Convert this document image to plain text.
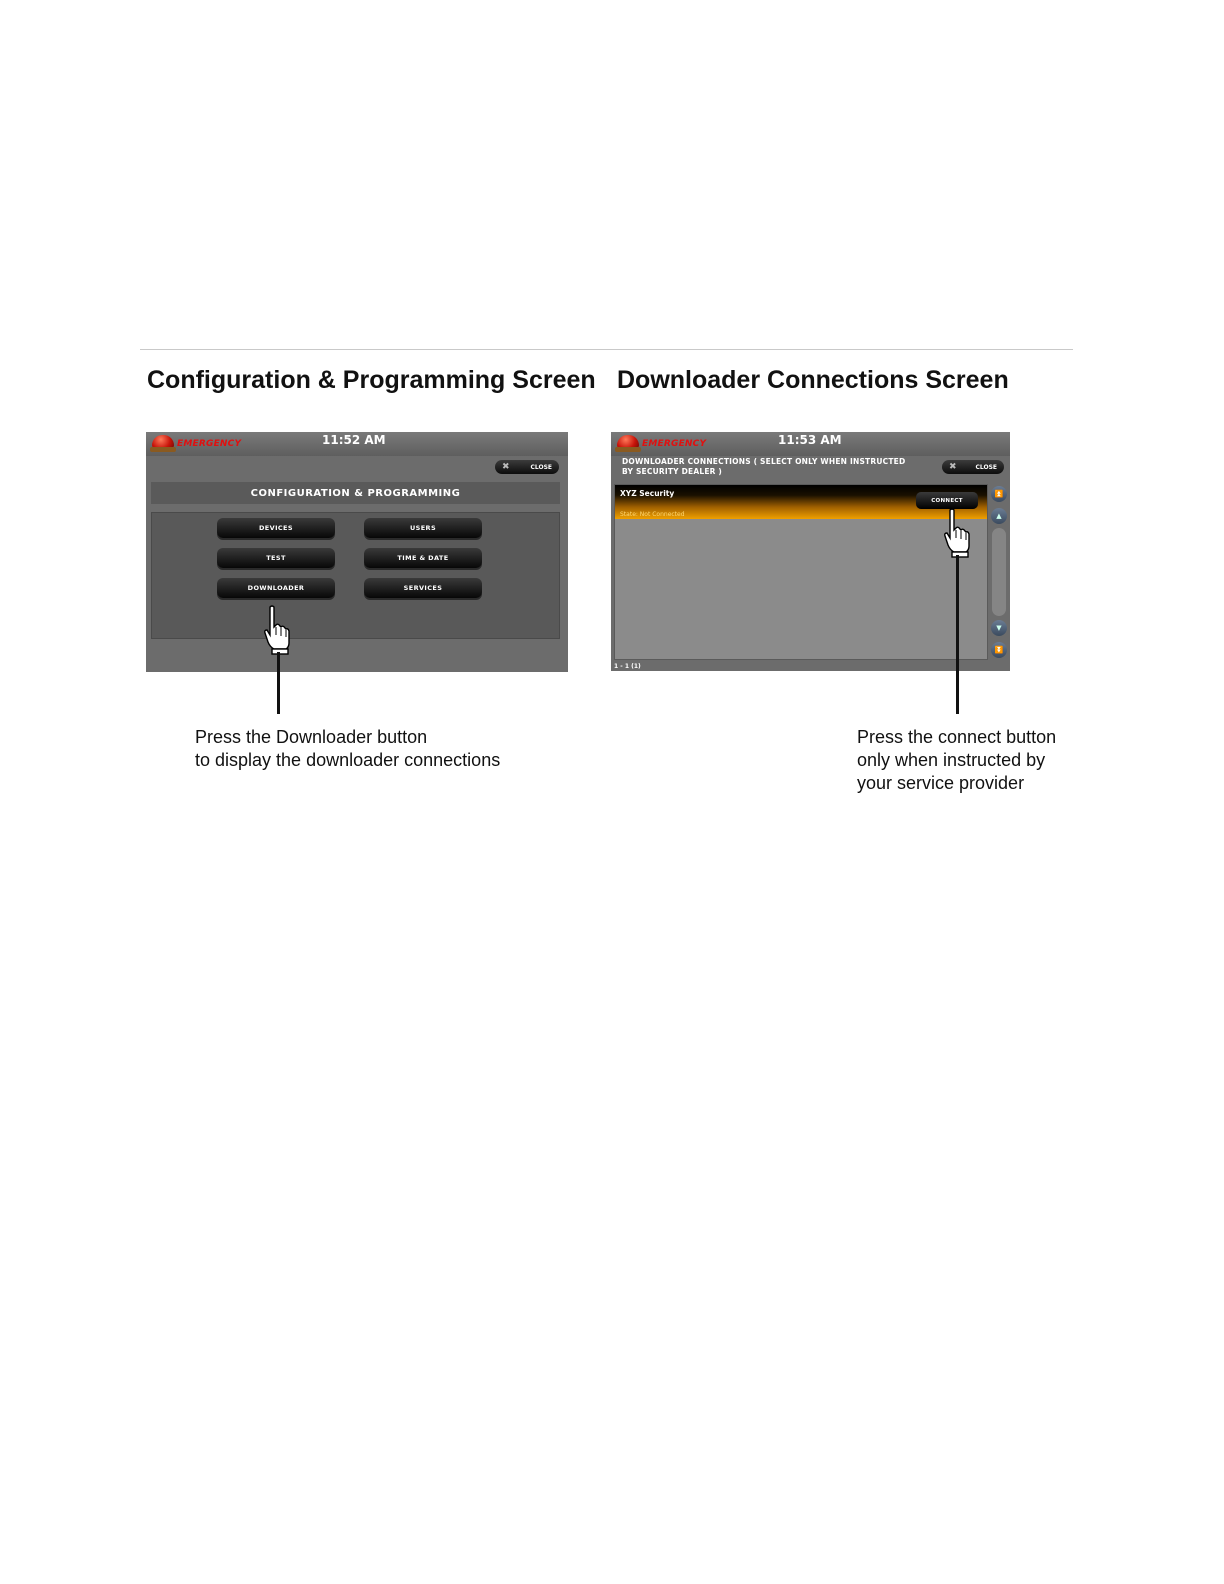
Configuration & Programming Screen
EMERGENCY	11:52 AM
✖	CLOSE
CONFIGURATION & PROGRAMMING
DEVICES	USERS
TEST	TIME & DATE
DOWNLOADER	SERVICES
Press the Downloader button
to display the downloader connections
Downloader Connections Screen
EMERGENCY	11:53 AM
DOWNLOADER CONNECTIONS ( SELECT ONLY WHEN INSTRUCTED
BY SECURITY DEALER )	✖	CLOSE
XYZ Security
State: Not Connected
CONNECT
⏫
▲
▼
⏬
1 - 1 (1)
Press the connect button
only when instructed by
your service provider
